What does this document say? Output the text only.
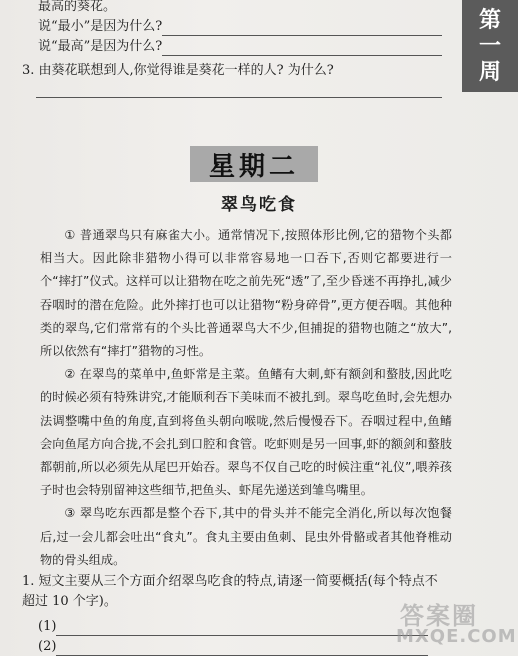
第
一
周
最高的葵花。
说“最小”是因为什么?
说“最高”是因为什么?
3. 由葵花联想到人,你觉得谁是葵花一样的人? 为什么?
星期二
翠鸟吃食

① 普通翠鸟只有麻雀大小。通常情况下,按照体形比例,它的猎物个头都相当大。因此除非猎物小得可以非常容易地一口吞下,否则它都要进行一个“摔打”仪式。这样可以让猎物在吃之前先死“透”了,至少昏迷不再挣扎,减少吞咽时的潜在危险。此外摔打也可以让猎物“粉身碎骨”,更方便吞咽。其他种类的翠鸟,它们常常有的个头比普通翠鸟大不少,但捕捉的猎物也随之“放大”,所以依然有“摔打”猎物的习性。

② 在翠鸟的菜单中,鱼虾常是主菜。鱼鳍有大刺,虾有额剑和螯肢,因此吃的时候必须有特殊讲究,才能顺利吞下美味而不被扎到。翠鸟吃鱼时,会先想办法调整嘴中鱼的角度,直到将鱼头朝向喉咙,然后慢慢吞下。吞咽过程中,鱼鳍会向鱼尾方向合拢,不会扎到口腔和食管。吃虾则是另一回事,虾的额剑和螯肢都朝前,所以必须先从尾巴开始吞。翠鸟不仅自己吃的时候注重“礼仪”,喂养孩子时也会特别留神这些细节,把鱼头、虾尾先递送到雏鸟嘴里。

③ 翠鸟吃东西都是整个吞下,其中的骨头并不能完全消化,所以每次饱餐后,过一会儿都会吐出“食丸”。食丸主要由鱼刺、昆虫外骨骼或者其他脊椎动物的骨头组成。

1. 短文主要从三个方面介绍翠鸟吃食的特点,请逐一简要概括(每个特点不超过 10 个字)。
(1)
(2)
答案圈
MXQE.COM
